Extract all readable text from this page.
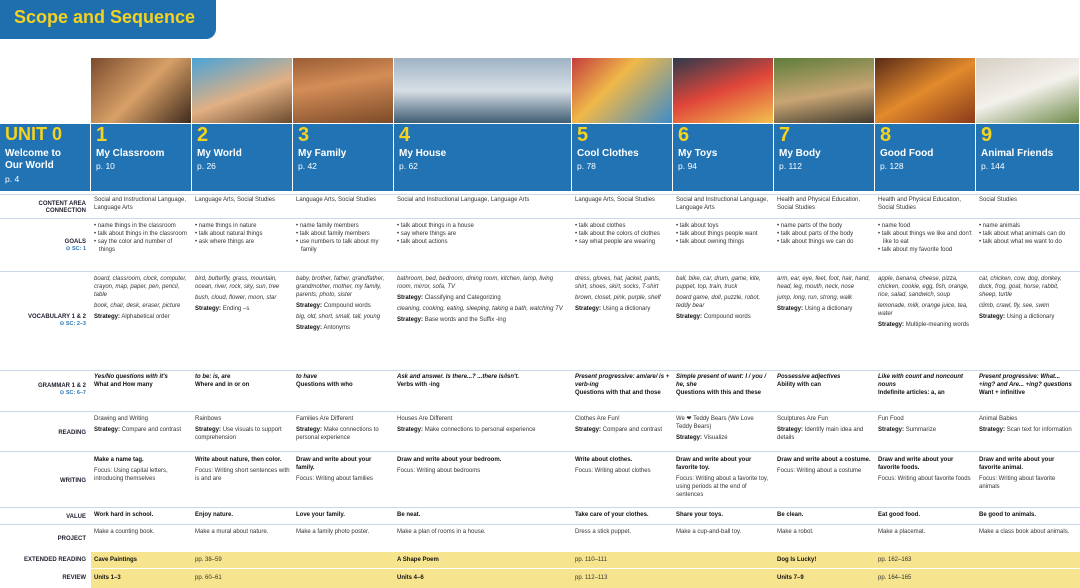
Scope and Sequence
UNIT 0
Welcome to
Our World
p. 4
1
My Classroom
p. 10
2
My World
p. 26
3
My Family
p. 42
4
My House
p. 62
5
Cool Clothes
p. 78
6
My Toys
p. 94
7
My Body
p. 112
8
Good Food
p. 128
9
Animal Friends
p. 144
CONTENT AREA CONNECTION
GOALS
⊙ SC: 1
VOCABULARY 1 & 2
⊙ SC: 2–3
GRAMMAR 1 & 2
⊙ SC: 6–7
READING
WRITING
VALUE
PROJECT
EXTENDED READING
REVIEW
Social and Instructional Language, Language Arts
• name things in the classroom
• talk about things in the classroom
• say the color and number of things
board, classroom, clock, computer, crayon, map, paper, pen, pencil, table
book, chair, desk, eraser, picture
Strategy: Alphabetical order
Yes/No questions with it's
What and How many
Drawing and Writing
Strategy: Compare and contrast
Make a name tag.
Focus: Using capital letters, introducing themselves
Work hard in school.
Make a counting book.
Cave Paintings
Units 1–3
Language Arts, Social Studies
• name things in nature
• talk about natural things
• ask where things are
bird, butterfly, grass, mountain, ocean, river, rock, sky, sun, tree
bush, cloud, flower, moon, star
Strategy: Ending –s
to be: is, are
Where and in or on
Rainbows
Strategy: Use visuals to support comprehension
Write about nature, then color.
Focus: Writing short sentences with is and are
Enjoy nature.
Make a mural about nature.
pp. 38–59
pp. 60–61
Language Arts, Social Studies
• name family members
• talk about family members
• use numbers to talk about my family
baby, brother, father, grandfather, grandmother, mother, my family, parents, photo, sister
Strategy: Compound words
big, old, short, small, tall, young
Strategy: Antonyms
to have
Questions with who
Families Are Different
Strategy: Make connections to personal experience
Draw and write about your family.
Focus: Writing about families
Love your family.
Make a family photo poster.
Social and Instructional Language, Language Arts
• talk about things in a house
• say where things are
• talk about actions
bathroom, bed, bedroom, dining room, kitchen, lamp, living room, mirror, sofa, TV
Strategy: Classifying and Categorizing
cleaning, cooking, eating, sleeping, taking a bath, watching TV
Strategy: Base words and the Suffix -ing
Ask and answer. Is there...? ...there is/isn't.
Verbs with -ing
Houses Are Different
Strategy: Make connections to personal experience
Draw and write about your bedroom.
Focus: Writing about bedrooms
Be neat.
Make a plan of rooms in a house.
A Shape Poem
Units 4–6
Language Arts, Social Studies
• talk about clothes
• talk about the colors of clothes
• say what people are wearing
dress, gloves, hat, jacket, pants, shirt, shoes, skirt, socks, T-shirt
brown, closet, pink, purple, shelf
Strategy: Using a dictionary
Present progressive: am/are/ is + verb-ing
Questions with that and those
Clothes Are Fun!
Strategy: Compare and contrast
Write about clothes.
Focus: Writing about clothes
Take care of your clothes.
Dress a stick puppet.
pp. 110–111
pp. 112–113
Social and Instructional Language, Language Arts
• talk about toys
• talk about things people want
• talk about owning things
ball, bike, car, drum, game, kite, puppet, top, train, truck
board game, doll, puzzle, robot, teddy bear
Strategy: Compound words
Simple present of want: I / you / he, she
Questions with this and these
We ❤ Teddy Bears (We Love Teddy Bears)
Strategy: Visualize
Draw and write about your favorite toy.
Focus: Writing about a favorite toy, using periods at the end of sentences
Share your toys.
Make a cup-and-ball toy.
Health and Physical Education, Social Studies
• name parts of the body
• talk about parts of the body
• talk about things we can do
arm, ear, eye, feet, foot, hair, hand, head, leg, mouth, neck, nose
jump, long, run, strong, walk
Strategy: Using a dictionary
Possessive adjectives
Ability with can
Sculptures Are Fun
Strategy: Identify main idea and details
Draw and write about a costume.
Focus: Writing about a costume
Be clean.
Make a robot.
Dog Is Lucky!
Units 7–9
Health and Physical Education, Social Studies
• name food
• talk about things we like and don't like to eat
• talk about my favorite food
apple, banana, cheese, pizza, chicken, cookie, egg, fish, orange, rice, salad, sandwich, soup
lemonade, milk, orange juice, tea, water
Strategy: Multiple-meaning words
Like with count and noncount nouns
Indefinite articles: a, an
Fun Food
Strategy: Summarize
Draw and write about your favorite foods.
Focus: Writing about favorite foods
Eat good food.
Make a placemat.
pp. 162–163
pp. 164–165
Social Studies
• name animals
• talk about what animals can do
• talk about what we want to do
cat, chicken, cow, dog, donkey, duck, frog, goat, horse, rabbit, sheep, turtle
climb, crawl, fly, see, swim
Strategy: Using a dictionary
Present progressive: What... +ing? and Are... +ing? questions
Want + infinitive
Animal Babies
Strategy: Scan text for information
Draw and write about your favorite animal.
Focus: Writing about favorite animals
Be good to animals.
Make a class book about animals.
